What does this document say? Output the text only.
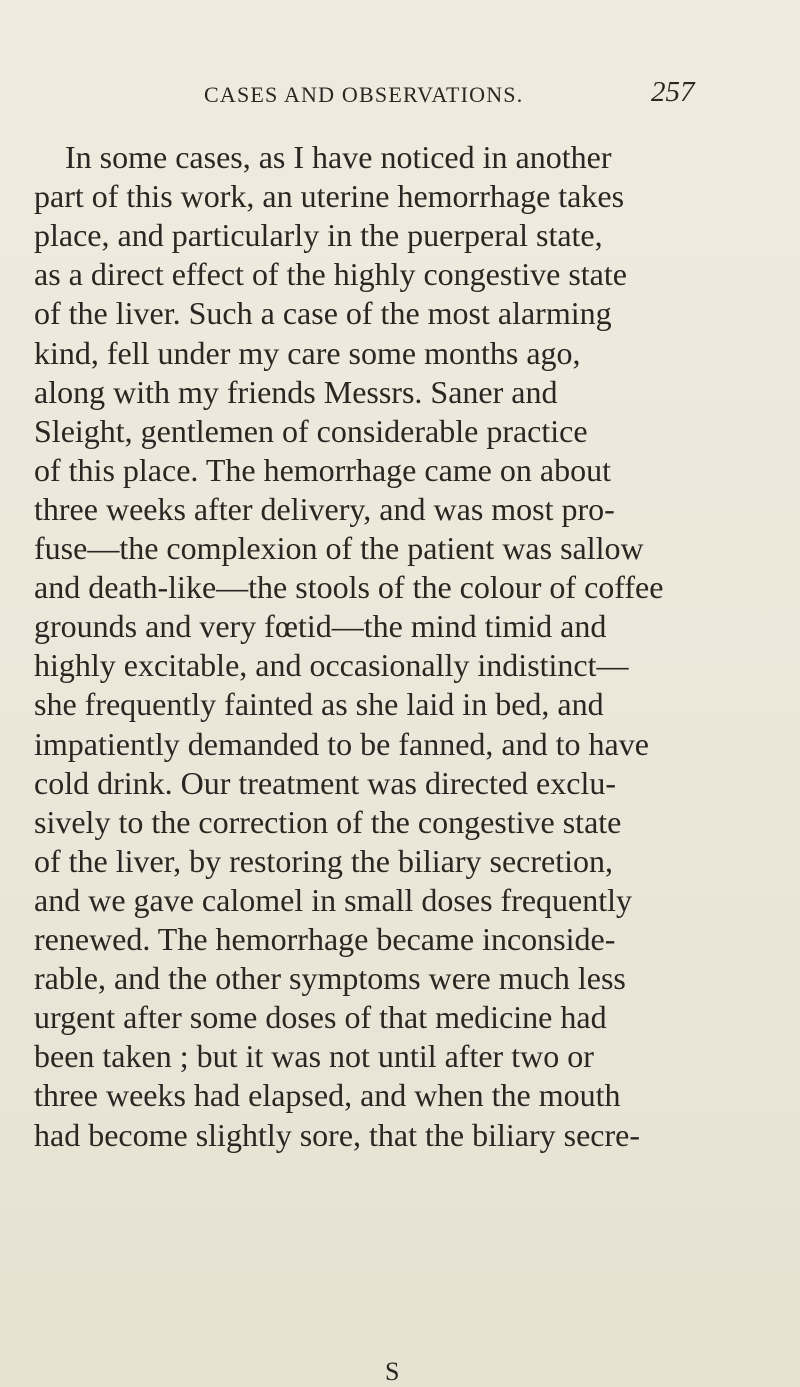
CASES AND OBSERVATIONS.	257
In some cases, as I have noticed in another
part of this work, an uterine hemorrhage takes
place, and particularly in the puerperal state,
as a direct effect of the highly congestive state
of the liver. Such a case of the most alarming
kind, fell under my care some months ago,
along with my friends Messrs. Saner and
Sleight, gentlemen of considerable practice
of this place. The hemorrhage came on about
three weeks after delivery, and was most pro-
fuse—the complexion of the patient was sallow
and death-like—the stools of the colour of coffee
grounds and very fœtid—the mind timid and
highly excitable, and occasionally indistinct—
she frequently fainted as she laid in bed, and
impatiently demanded to be fanned, and to have
cold drink. Our treatment was directed exclu-
sively to the correction of the congestive state
of the liver, by restoring the biliary secretion,
and we gave calomel in small doses frequently
renewed. The hemorrhage became inconside-
rable, and the other symptoms were much less
urgent after some doses of that medicine had
been taken ; but it was not until after two or
three weeks had elapsed, and when the mouth
had become slightly sore, that the biliary secre-
S
